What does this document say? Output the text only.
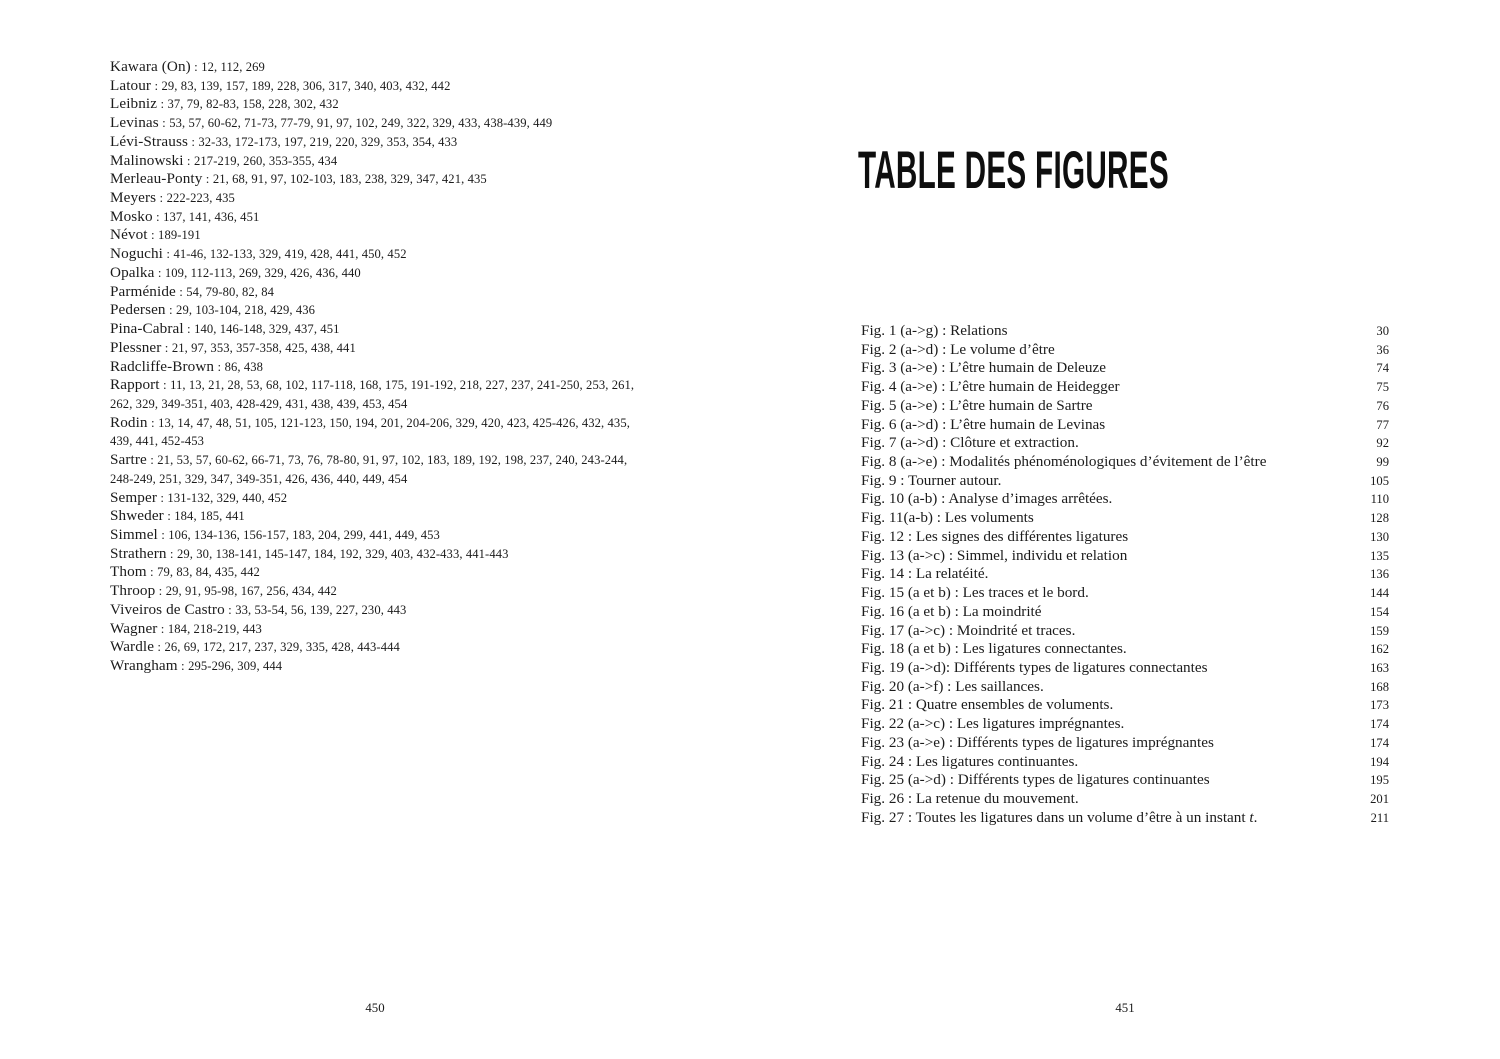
Kawara (On) : 12, 112, 269

Latour : 29, 83, 139, 157, 189, 228, 306, 317, 340, 403, 432, 442

Leibniz : 37, 79, 82-83, 158, 228, 302, 432

Levinas : 53, 57, 60-62, 71-73, 77-79, 91, 97, 102, 249, 322, 329, 433, 438-439, 449

Lévi-Strauss : 32-33, 172-173, 197, 219, 220, 329, 353, 354, 433

Malinowski : 217-219, 260, 353-355, 434

Merleau-Ponty : 21, 68, 91, 97, 102-103, 183, 238, 329, 347, 421, 435

Meyers : 222-223, 435

Mosko : 137, 141, 436, 451

Névot : 189-191

Noguchi : 41-46, 132-133, 329, 419, 428, 441, 450, 452

Opalka : 109, 112-113, 269, 329, 426, 436, 440

Parménide : 54, 79-80, 82, 84

Pedersen : 29, 103-104, 218, 429, 436

Pina-Cabral : 140, 146-148, 329, 437, 451

Plessner : 21, 97, 353, 357-358, 425, 438, 441

Radcliffe-Brown : 86, 438

Rapport : 11, 13, 21, 28, 53, 68, 102, 117-118, 168, 175, 191-192, 218, 227, 237, 241-250, 253, 261, 262, 329, 349-351, 403, 428-429, 431, 438, 439, 453, 454

Rodin : 13, 14, 47, 48, 51, 105, 121-123, 150, 194, 201, 204-206, 329, 420, 423, 425-426, 432, 435, 439, 441, 452-453

Sartre : 21, 53, 57, 60-62, 66-71, 73, 76, 78-80, 91, 97, 102, 183, 189, 192, 198, 237, 240, 243-244, 248-249, 251, 329, 347, 349-351, 426, 436, 440, 449, 454

Semper : 131-132, 329, 440, 452

Shweder : 184, 185, 441

Simmel : 106, 134-136, 156-157, 183, 204, 299, 441, 449, 453

Strathern : 29, 30, 138-141, 145-147, 184, 192, 329, 403, 432-433, 441-443

Thom : 79, 83, 84, 435, 442

Throop : 29, 91, 95-98, 167, 256, 434, 442

Viveiros de Castro : 33, 53-54, 56, 139, 227, 230, 443

Wagner : 184, 218-219, 443

Wardle : 26, 69, 172, 217, 237, 329, 335, 428, 443-444

Wrangham : 295-296, 309, 444

450
TABLE DES FIGURES
Fig. 1 (a->g) : Relations	30
Fig. 2 (a->d) : Le volume d’être	36
Fig. 3 (a->e) : L’être humain de Deleuze	74
Fig. 4 (a->e) : L’être humain de Heidegger	75
Fig. 5 (a->e) : L’être humain de Sartre	76
Fig. 6 (a->d) : L’être humain de Levinas	77
Fig. 7 (a->d) : Clôture et extraction.	92
Fig. 8 (a->e) : Modalités phénoménologiques d’évitement de l’être	99
Fig. 9 : Tourner autour.	105
Fig. 10 (a-b) : Analyse d’images arrêtées.	110
Fig. 11(a-b) : Les voluments	128
Fig. 12 : Les signes des différentes ligatures	130
Fig. 13 (a->c) : Simmel, individu et relation	135
Fig. 14 : La relatéité.	136
Fig. 15 (a et b) : Les traces et le bord.	144
Fig. 16 (a et b) : La moindrité	154
Fig. 17 (a->c) : Moindrité et traces.	159
Fig. 18 (a et b) : Les ligatures connectantes.	162
Fig. 19 (a->d): Différents types de ligatures connectantes	163
Fig. 20 (a->f) : Les saillances.	168
Fig. 21 : Quatre ensembles de voluments.	173
Fig. 22 (a->c) : Les ligatures imprégnantes.	174
Fig. 23 (a->e) : Différents types de ligatures imprégnantes	174
Fig. 24 : Les ligatures continuantes.	194
Fig. 25 (a->d) : Différents types de ligatures continuantes	195
Fig. 26 : La retenue du mouvement.	201
Fig. 27 : Toutes les ligatures dans un volume d’être à un instant t.	211
451
